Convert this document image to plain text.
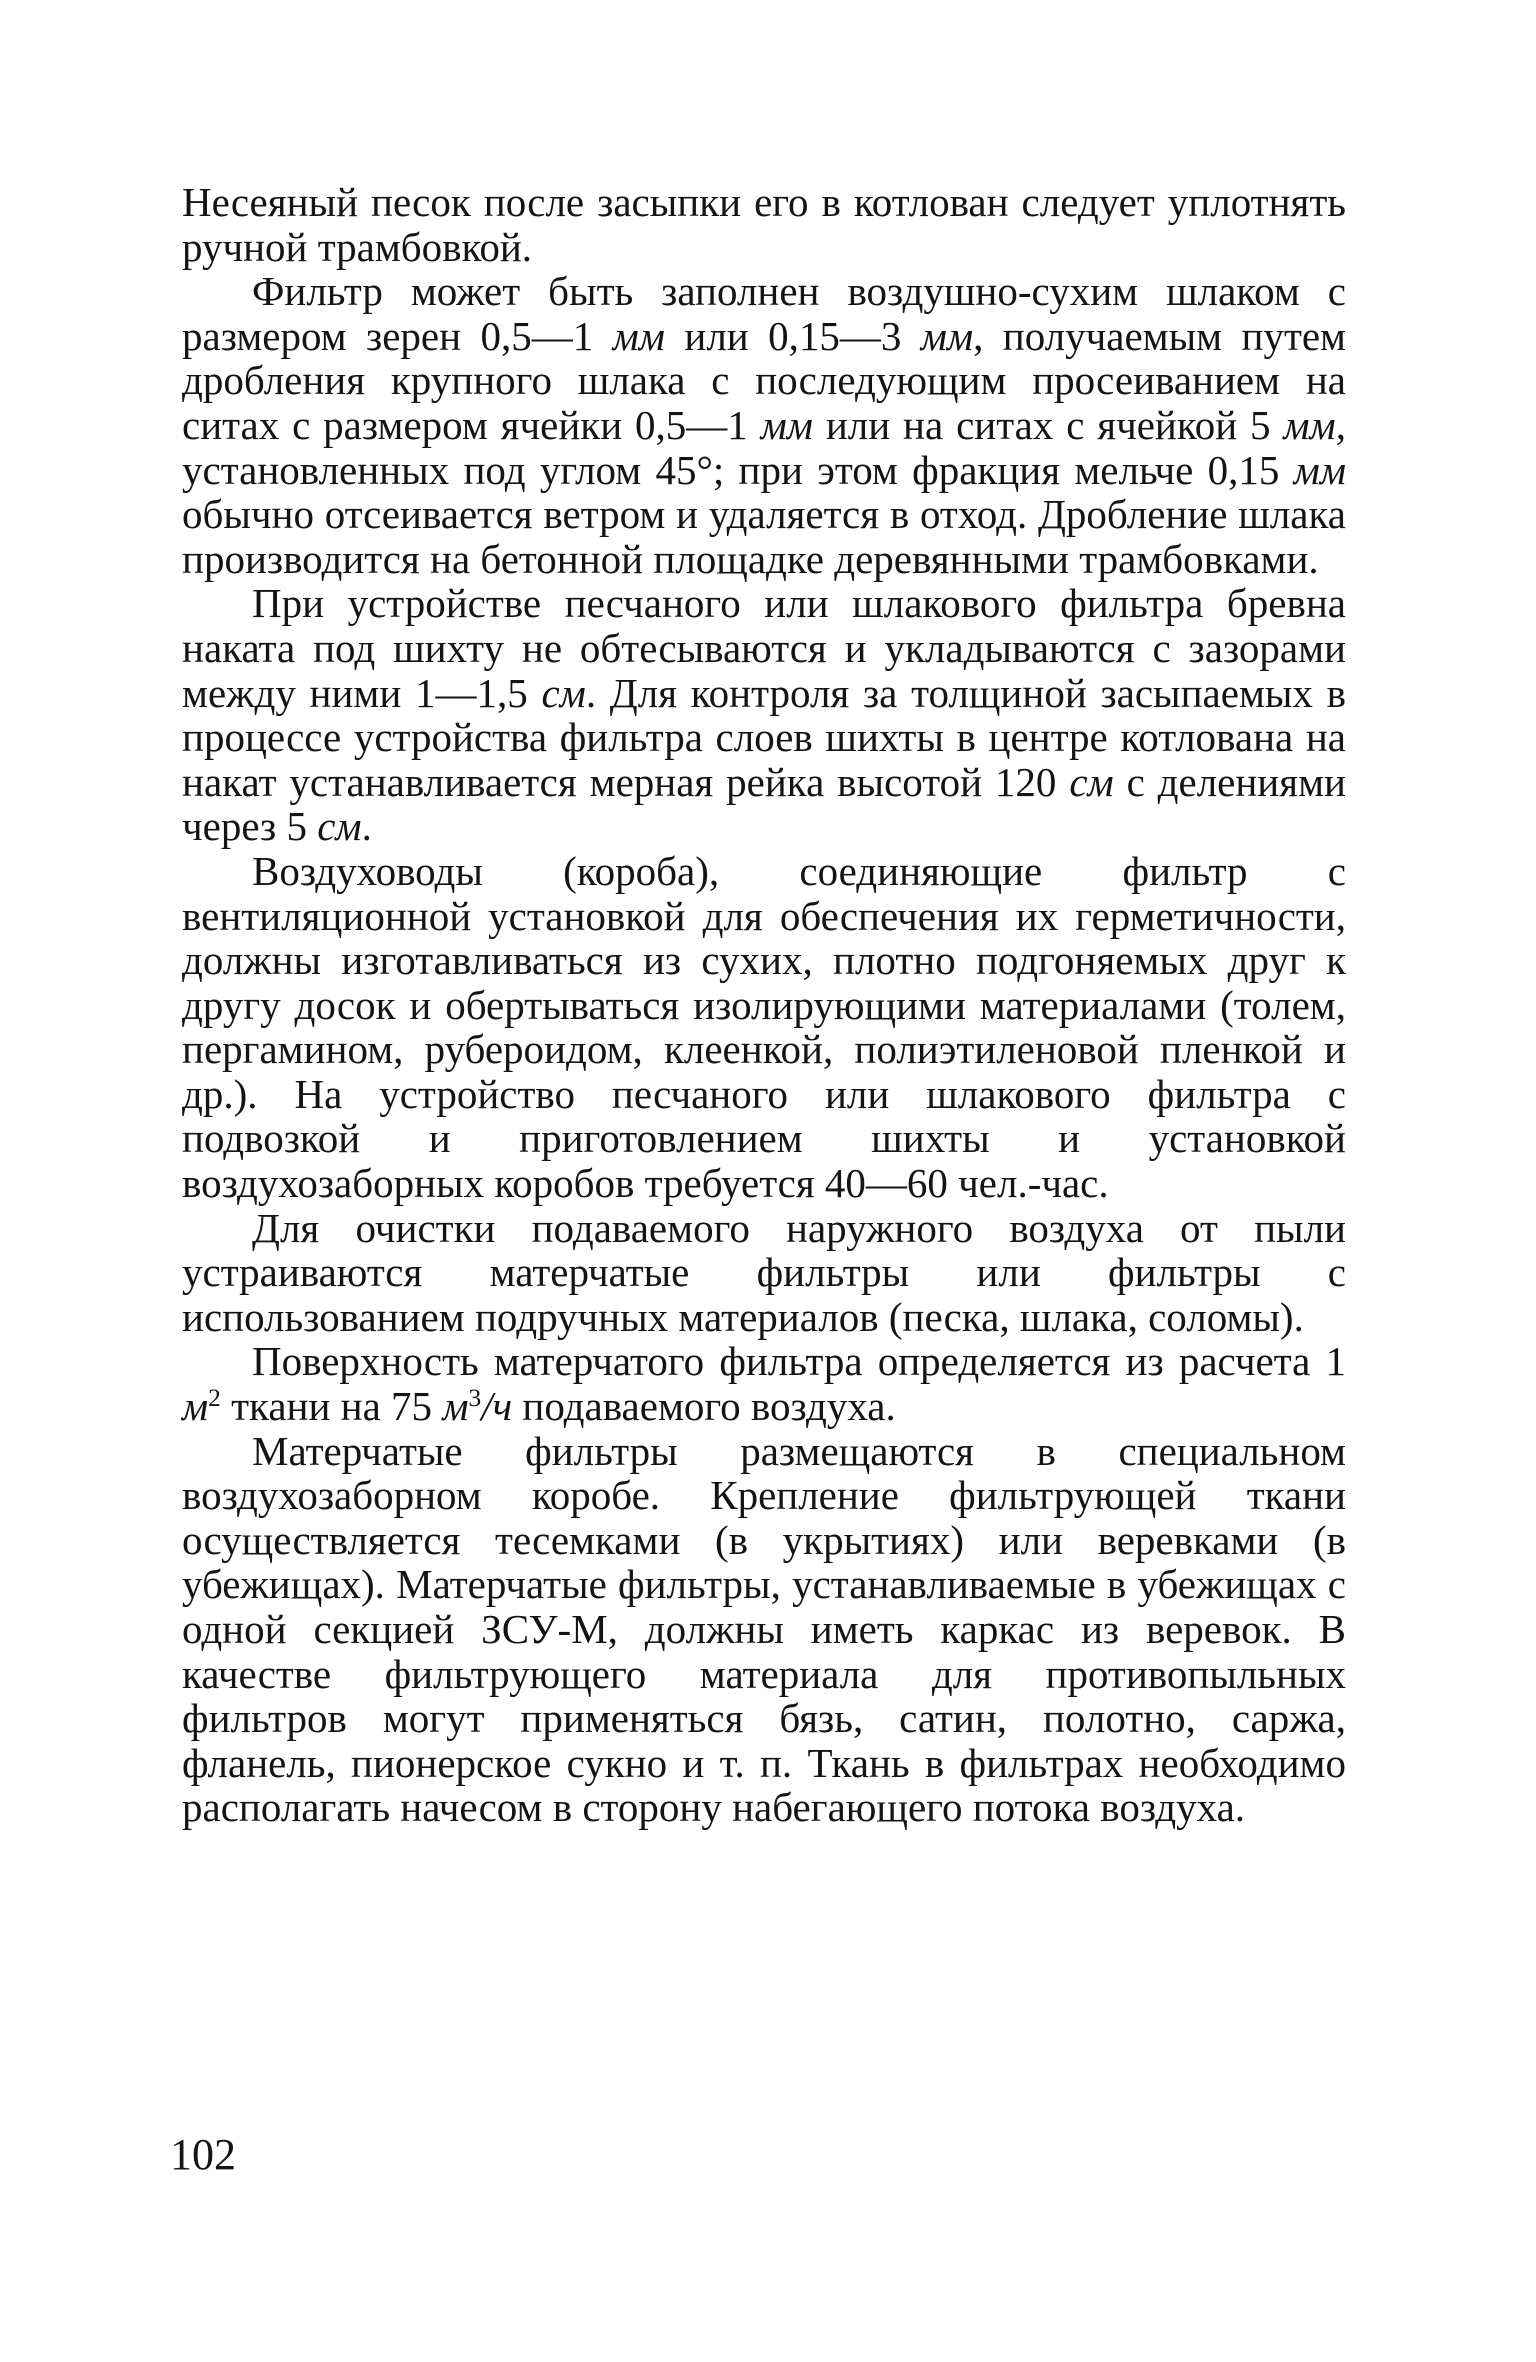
Несеяный песок после засыпки его в котлован следует уплотнять ручной трамбовкой.

Фильтр может быть заполнен воздушно-сухим шлаком с размером зерен 0,5—1 мм или 0,15—3 мм, получаемым путем дробления крупного шлака с последующим просеиванием на ситах с размером ячейки 0,5—1 мм или на ситах с ячейкой 5 мм, установленных под углом 45°; при этом фракция мельче 0,15 мм обычно отсеивается ветром и удаляется в отход. Дробление шлака производится на бетонной площадке деревянными трамбовками.

При устройстве песчаного или шлакового фильтра бревна наката под шихту не обтесываются и укладываются с зазорами между ними 1—1,5 см. Для контроля за толщиной засыпаемых в процессе устройства фильтра слоев шихты в центре котлована на накат устанавливается мерная рейка высотой 120 см с делениями через 5 см.

Воздуховоды (короба), соединяющие фильтр с вентиляционной установкой для обеспечения их герметичности, должны изготавливаться из сухих, плотно подгоняемых друг к другу досок и обертываться изолирующими материалами (толем, пергамином, рубероидом, клеенкой, полиэтиленовой пленкой и др.). На устройство песчаного или шлакового фильтра с подвозкой и приготовлением шихты и установкой воздухозаборных коробов требуется 40—60 чел.-час.

Для очистки подаваемого наружного воздуха от пыли устраиваются матерчатые фильтры или фильтры с использованием подручных материалов (песка, шлака, соломы).

Поверхность матерчатого фильтра определяется из расчета 1 $м^2$ ткани на 75 $м^3/ч$ подаваемого воздуха.

Матерчатые фильтры размещаются в специальном воздухозаборном коробе. Крепление фильтрующей ткани осуществляется тесемками (в укрытиях) или веревками (в убежищах). Матерчатые фильтры, устанавливаемые в убежищах с одной секцией ЗСУ-М, должны иметь каркас из веревок. В качестве фильтрующего материала для противопыльных фильтров могут применяться бязь, сатин, полотно, саржа, фланель, пионерское сукно и т. п. Ткань в фильтрах необходимо располагать начесом в сторону набегающего потока воздуха.

102
